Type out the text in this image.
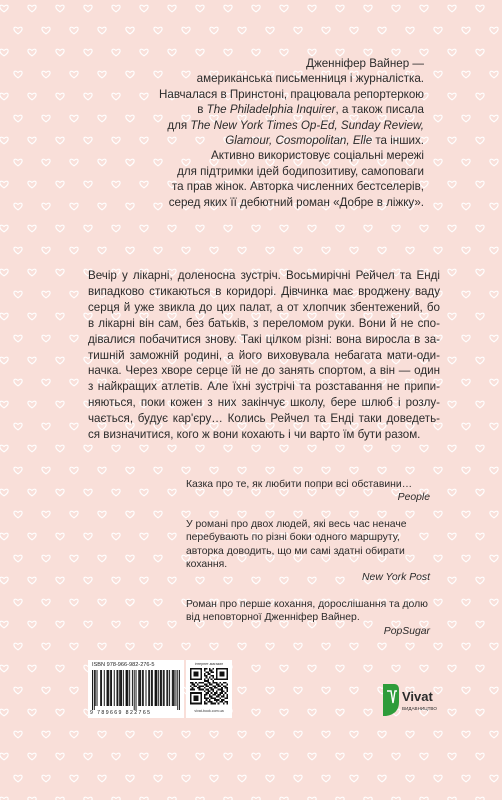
Дженніфер Вайнер —
американська письменниця і журналістка.
Навчалася в Принстоні, працювала репортеркою
в The Philadelphia Inquirer, а також писала
для The New York Times Op-Ed, Sunday Review,
Glamour, Cosmopolitan, Elle та інших.
Активно використовує соціальні мережі
для підтримки ідей бодипозитиву, самоповаги
та прав жінок. Авторка численних бестселерів,
серед яких її дебютний роман «Добре в ліжку».
Вечір у лікарні, доленосна зустріч. Восьмирічні Рейчел та Енді
випадково стикаються в коридорі. Дівчинка має вроджену ваду
серця й уже звикла до цих палат, а от хлопчик збентежений, бо
в лікарні він сам, без батьків, з переломом руки. Вони й не спо-
дівалися побачитися знову. Такі цілком різні: вона виросла в за-
тишній заможній родині, а його виховувала небагата мати-оди-
начка. Через хворе серце їй не до занять спортом, а він — один
з найкращих атлетів. Але їхні зустрічі та розставання не припи-
няються, поки кожен з них закінчує школу, бере шлюб і розлу-
чається, будує кар'єру… Колись Рейчел та Енді таки доведеть-
ся визначитися, кого ж вони кохають і чи варто їм бути разом.
Казка про те, як любити попри всі обставини…
People
У романі про двох людей, які весь час неначе перебувають по різні боки одного маршруту, авторка доводить, що ми самі здатні обирати кохання.
New York Post
Роман про перше кохання, дорослішання та долю від неповторної Дженніфер Вайнер.
PopSugar
ISBN 978-966-982-276-5
9 789669 822765
інтернет-магазин
vivat-book.com.ua
Vivat
ВИДАВНИЦТВО
